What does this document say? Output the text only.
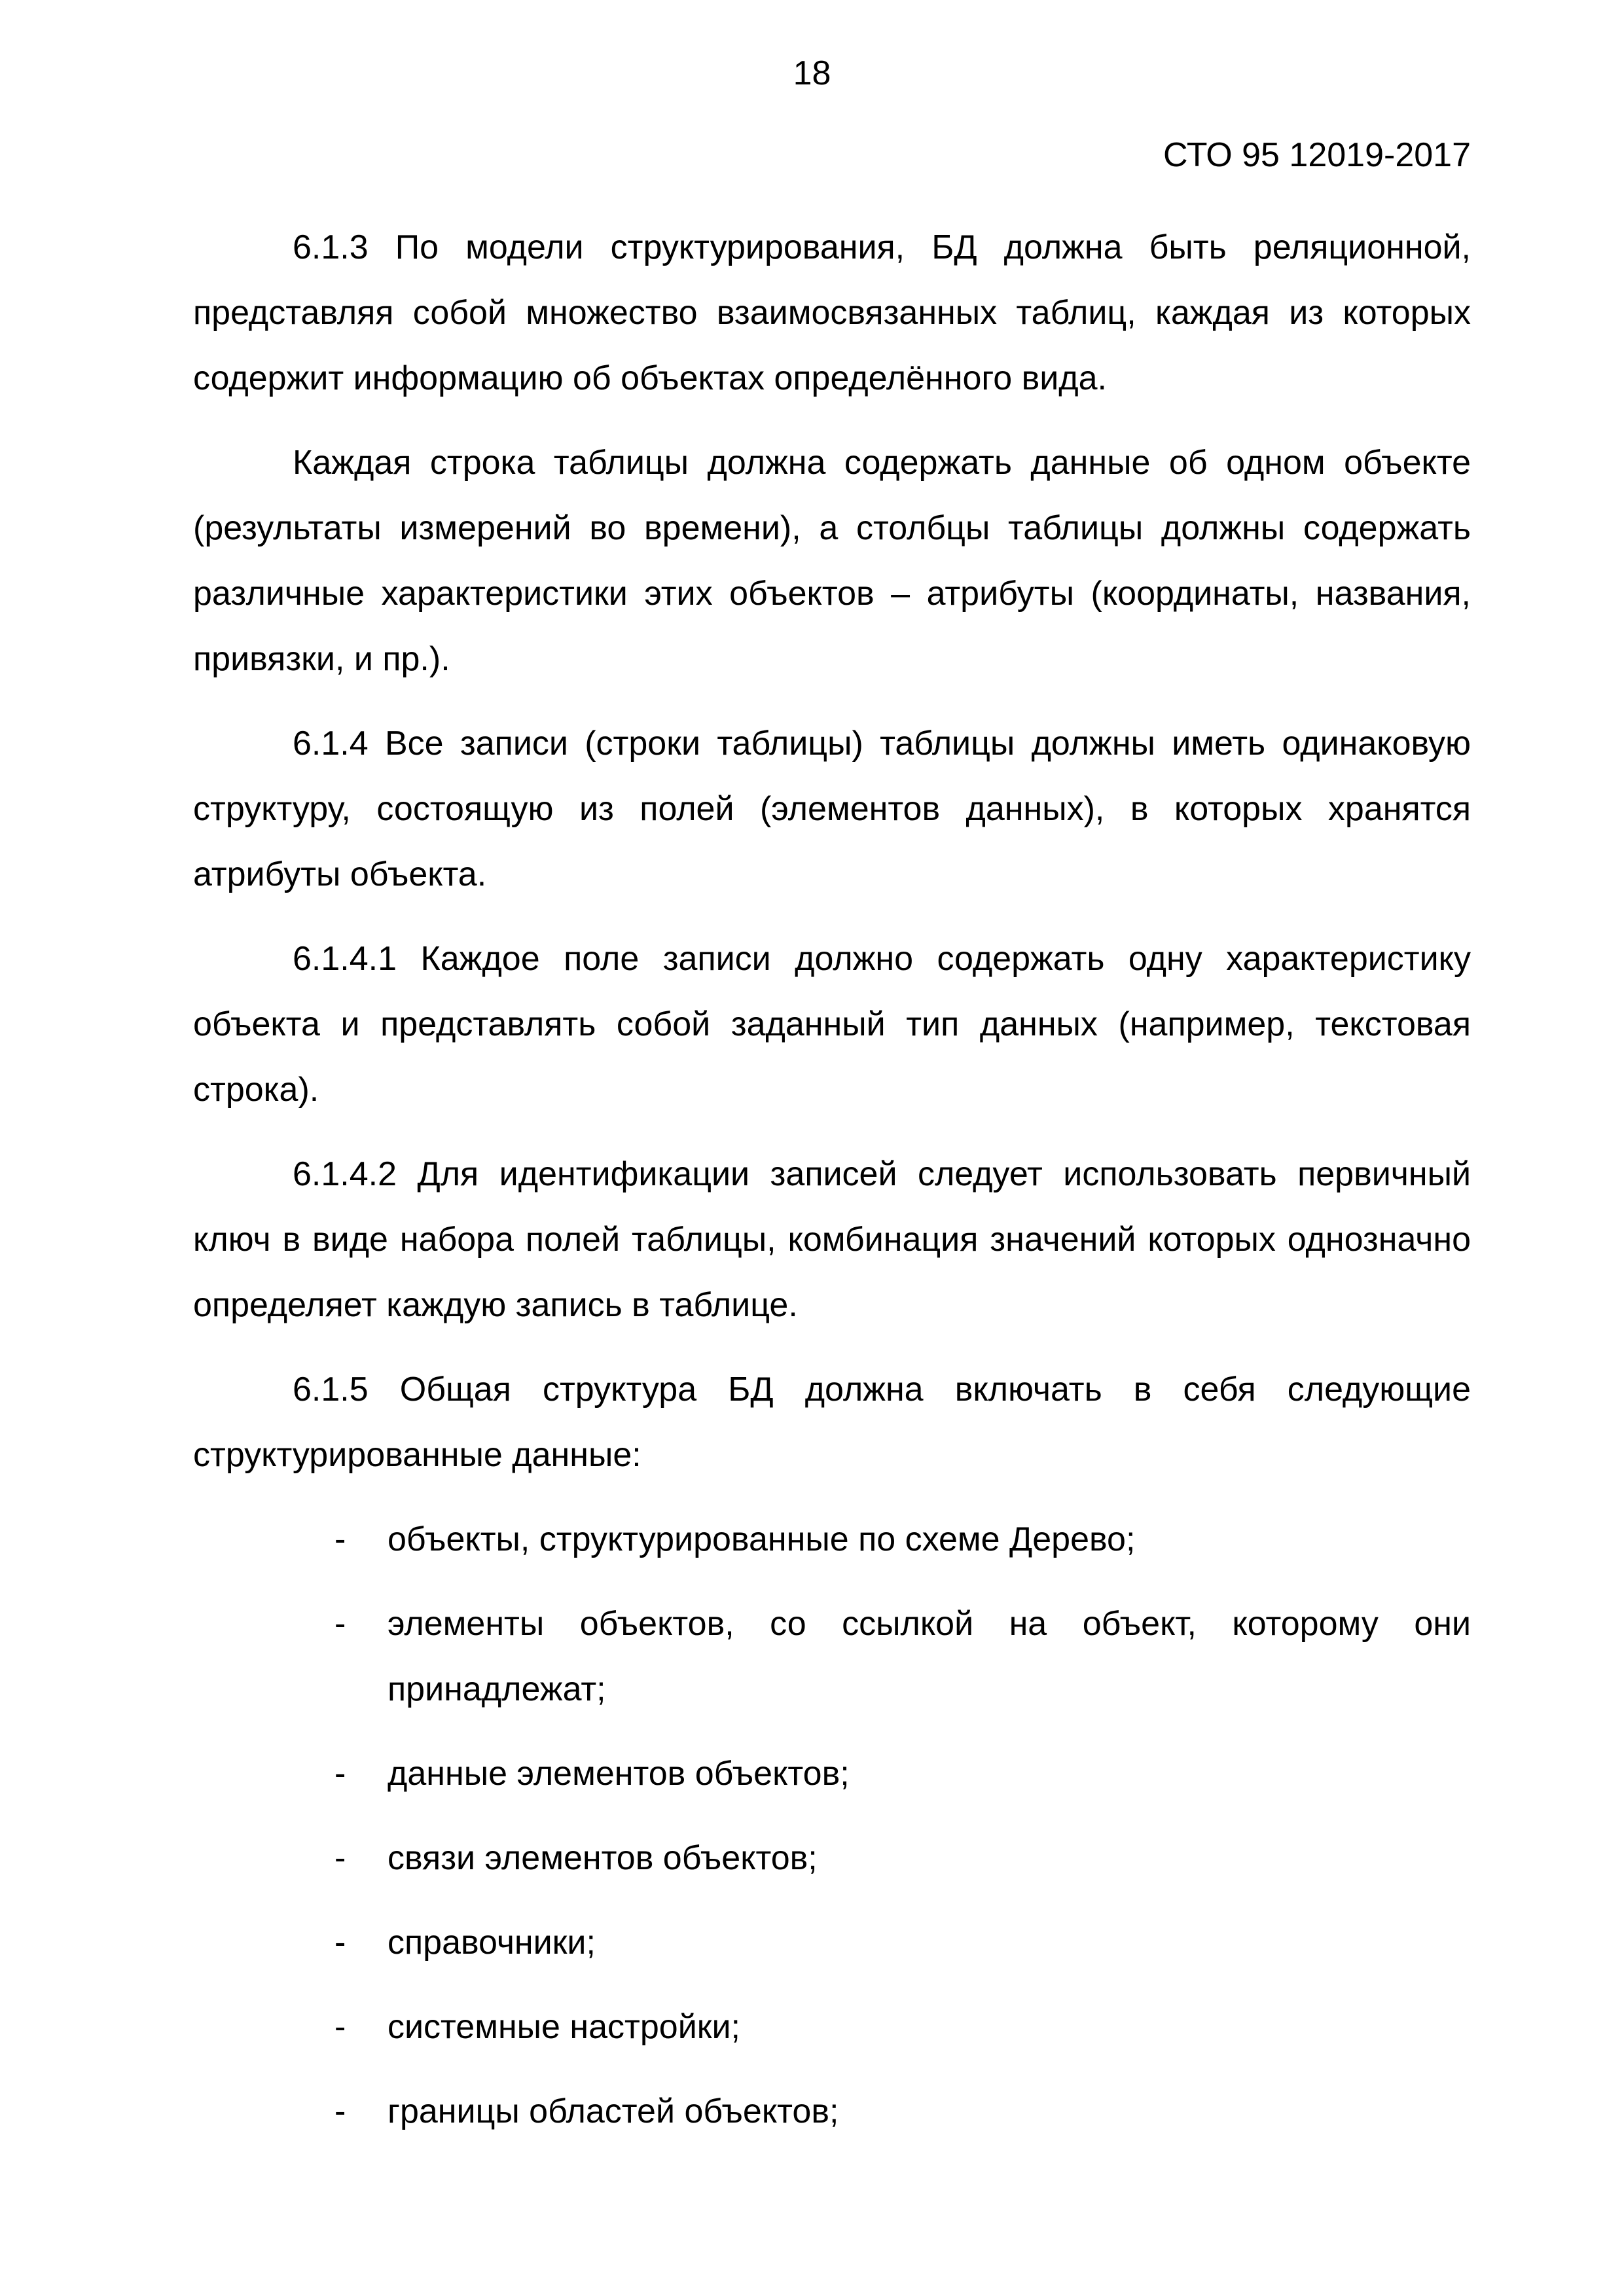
18
СТО 95 12019-2017

6.1.3 По модели структурирования, БД должна быть реляционной, представляя собой множество взаимосвязанных таблиц, каждая из которых содержит информацию об объектах определённого вида.

Каждая строка таблицы должна содержать данные об одном объекте (результаты измерений во времени), а столбцы таблицы должны содержать различные характеристики этих объектов – атрибуты (координаты, названия, привязки, и пр.).

6.1.4 Все записи (строки таблицы) таблицы должны иметь одинаковую структуру, состоящую из полей (элементов данных), в которых хранятся атрибуты объекта.

6.1.4.1 Каждое поле записи должно содержать одну характеристику объекта и представлять собой заданный тип данных (например, текстовая строка).

6.1.4.2 Для идентификации записей следует использовать первичный ключ в виде набора полей таблицы, комбинация значений которых однозначно определяет каждую запись в таблице.

6.1.5 Общая структура БД должна включать в себя следующие структурированные данные:

- объекты, структурированные по схеме Дерево;
- элементы объектов, со ссылкой на объект, которому они принадлежат;
- данные элементов объектов;
- связи элементов объектов;
- справочники;
- системные настройки;
- границы областей объектов;
